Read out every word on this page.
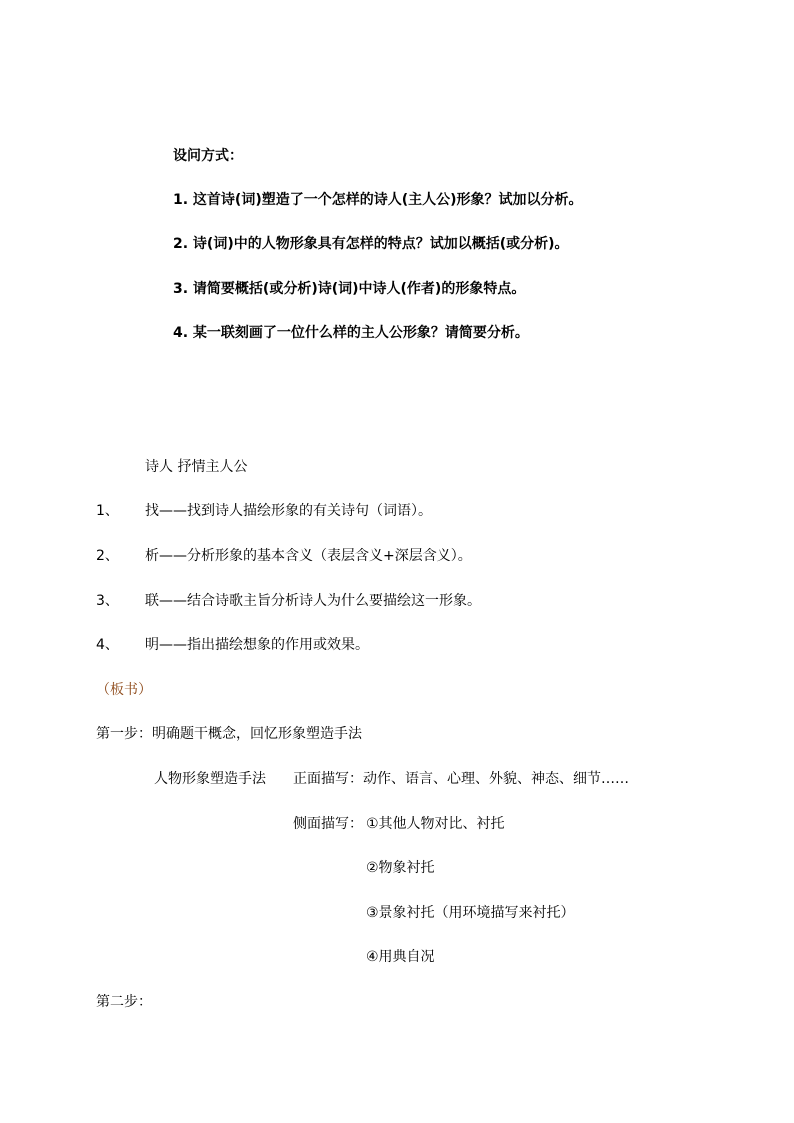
设问方式：
1. 这首诗(词)塑造了一个怎样的诗人(主人公)形象？试加以分析。
2. 诗(词)中的人物形象具有怎样的特点？试加以概括(或分析)。
3. 请简要概括(或分析)诗(词)中诗人(作者)的形象特点。
4. 某一联刻画了一位什么样的主人公形象？请简要分析。
诗人 抒情主人公
1、 找——找到诗人描绘形象的有关诗句（词语）。
2、 析——分析形象的基本含义（表层含义+深层含义）。
3、 联——结合诗歌主旨分析诗人为什么要描绘这一形象。
4、 明——指出描绘想象的作用或效果。
（板书）
第一步：明确题干概念，回忆形象塑造手法
人物形象塑造手法 正面描写：动作、语言、心理、外貌、神态、细节……
侧面描写： ①其他人物对比、衬托
②物象衬托
③景象衬托（用环境描写来衬托）
④用典自况
第二步：
